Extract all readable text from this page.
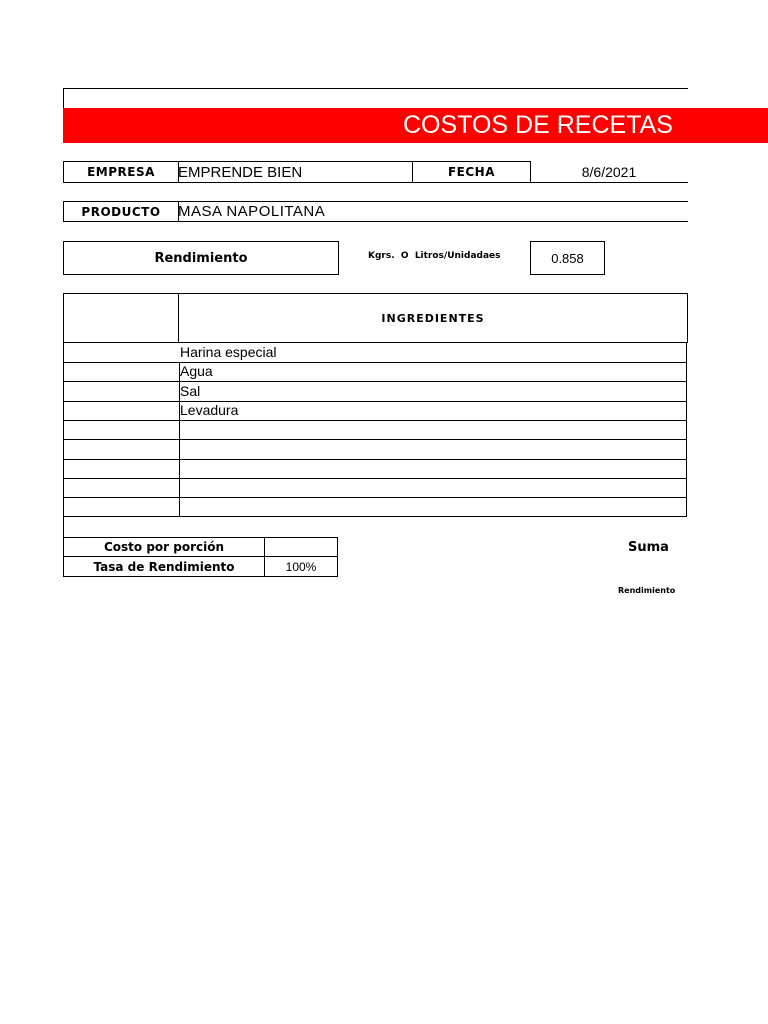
COSTOS DE RECETAS
EMPRESA	EMPRENDE BIEN	FECHA	8/6/2021
PRODUCTO	MASA NAPOLITANA
Rendimiento	Kgrs.  O  Litros/Unidadaes	0.858
INGREDIENTES
Harina especial
Agua
Sal
Levadura
Costo por porción
Tasa de Rendimiento	100%
Suma
Rendimiento
